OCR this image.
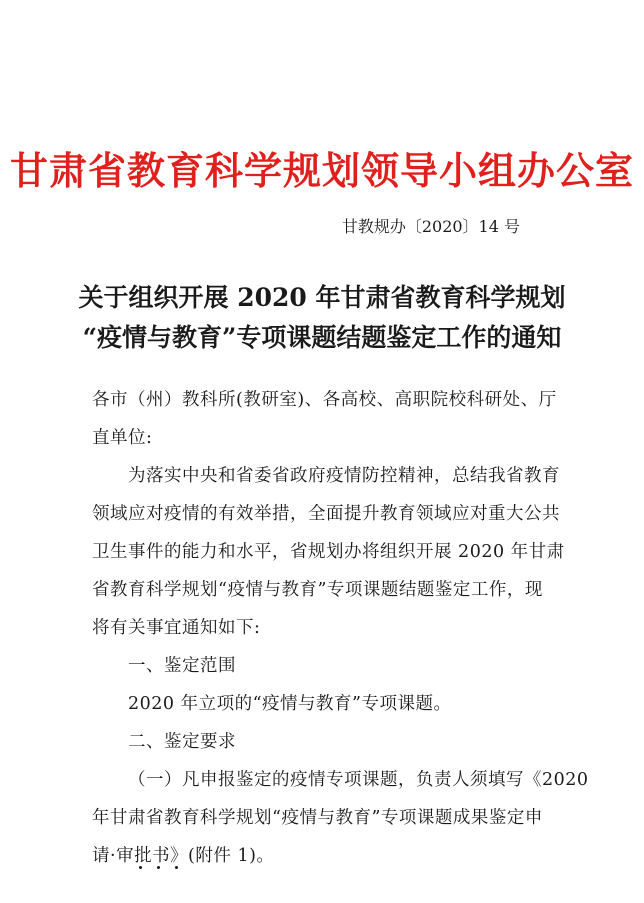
甘肃省教育科学规划领导小组办公室
甘教规办〔2020〕14 号
关于组织开展 2020 年甘肃省教育科学规划
“疫情与教育”专项课题结题鉴定工作的通知
各市（州）教科所(教研室)、各高校、高职院校科研处、厅
直单位:
为落实中央和省委省政府疫情防控精神，总结我省教育
领域应对疫情的有效举措，全面提升教育领域应对重大公共
卫生事件的能力和水平，省规划办将组织开展 2020 年甘肃
省教育科学规划“疫情与教育”专项课题结题鉴定工作，现
将有关事宜通知如下:
一、鉴定范围
2020 年立项的“疫情与教育”专项课题。
二、鉴定要求
（一）凡申报鉴定的疫情专项课题，负责人须填写《2020
年甘肃省教育科学规划“疫情与教育”专项课题成果鉴定申
请·审批书》(附件 1)。
